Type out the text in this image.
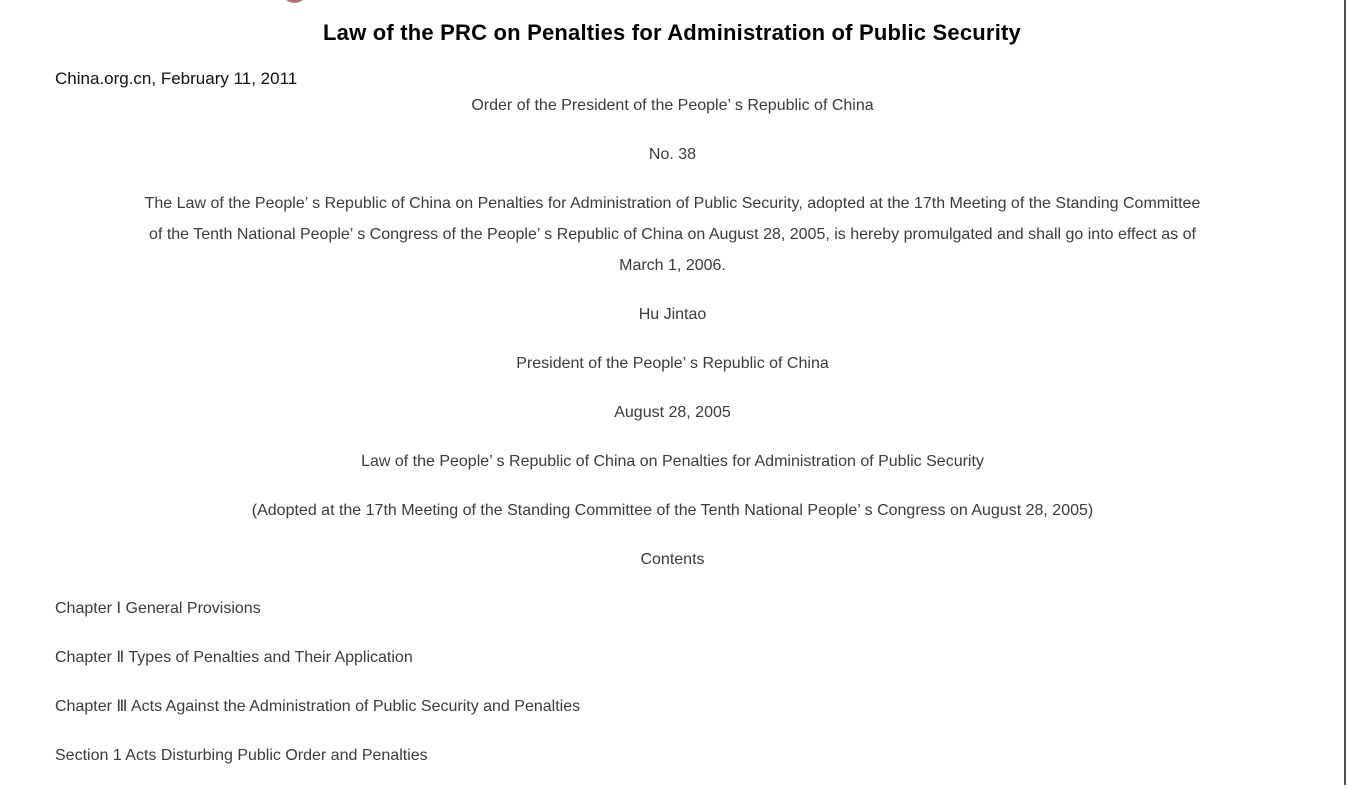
Law of the PRC on Penalties for Administration of Public Security
China.org.cn, February 11, 2011
Order of the President of the People’ s Republic of China
No. 38
The Law of the People’ s Republic of China on Penalties for Administration of Public Security, adopted at the 17th Meeting of the Standing Committee
of the Tenth National People’ s Congress of the People’ s Republic of China on August 28, 2005, is hereby promulgated and shall go into effect as of
March 1, 2006.
Hu Jintao
President of the People’ s Republic of China
August 28, 2005
Law of the People’ s Republic of China on Penalties for Administration of Public Security
(Adopted at the 17th Meeting of the Standing Committee of the Tenth National People’ s Congress on August 28, 2005)
Contents
Chapter Ⅰ General Provisions
Chapter Ⅱ Types of Penalties and Their Application
Chapter Ⅲ Acts Against the Administration of Public Security and Penalties
Section 1 Acts Disturbing Public Order and Penalties
